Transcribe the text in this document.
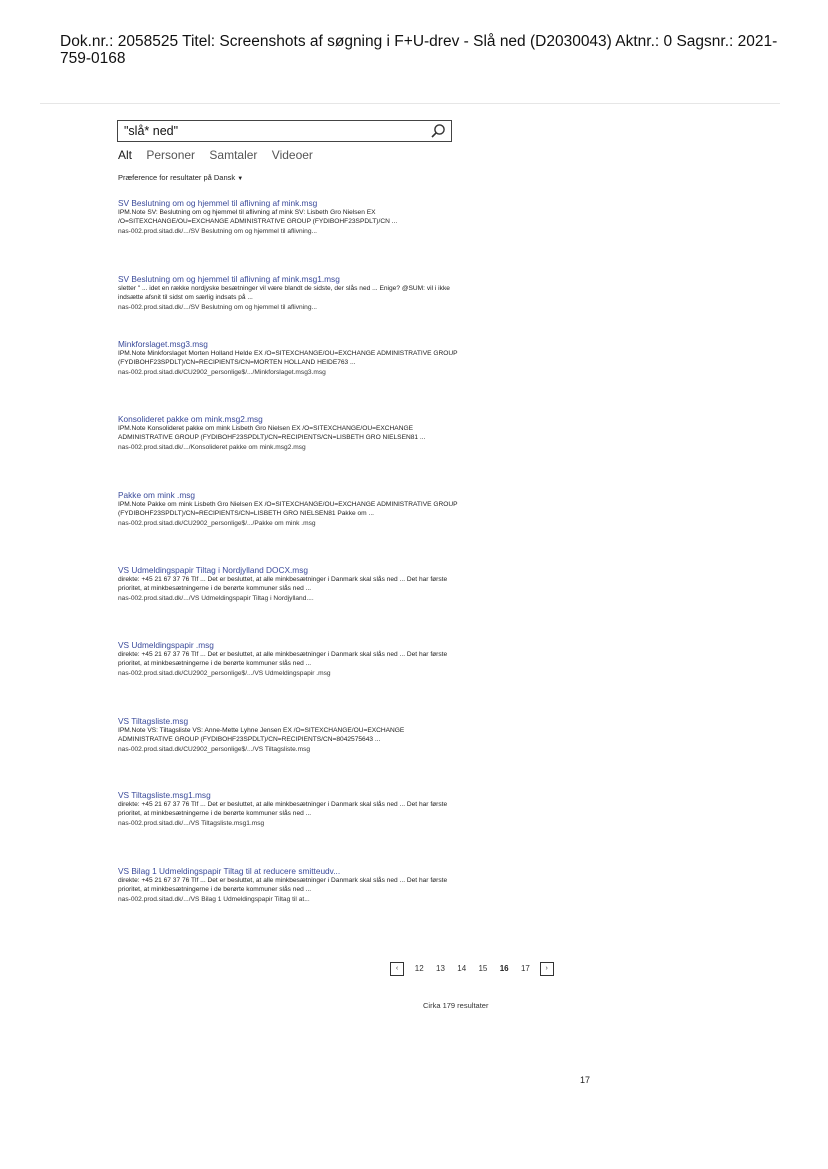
Dok.nr.: 2058525 Titel: Screenshots af søgning i F+U-drev - Slå ned (D2030043) Aktnr.: 0 Sagsnr.: 2021-759-0168
"slå* ned"
Alt Personer Samtaler Videoer
Præference for resultater på Dansk ▼
SV Beslutning om og hjemmel til aflivning af mink.msg
IPM.Note SV: Beslutning om og hjemmel til aflivning af mink SV: Lisbeth Gro Nielsen EX /O=SITEXCHANGE/OU=EXCHANGE ADMINISTRATIVE GROUP (FYDIBOHF23SPDLT)/CN ...
nas-002.prod.sitad.dk/.../SV Beslutning om og hjemmel til aflivning...
SV Beslutning om og hjemmel til aflivning af mink.msg1.msg
sletter " ... idet en række nordjyske besætninger vil være blandt de sidste, der slås ned ... Enige? @SUM: vil i ikke indsætte afsnit til sidst om særlig indsats på ...
nas-002.prod.sitad.dk/.../SV Beslutning om og hjemmel til aflivning...
Minkforslaget.msg3.msg
IPM.Note Minkforslaget Morten Holland Helde EX /O=SITEXCHANGE/OU=EXCHANGE ADMINISTRATIVE GROUP (FYDIBOHF23SPDLT)/CN=RECIPIENTS/CN=MORTEN HOLLAND HEIDE763 ...
nas-002.prod.sitad.dk/CU2902_personlige$/.../Minkforslaget.msg3.msg
Konsolideret pakke om mink.msg2.msg
IPM.Note Konsolideret pakke om mink Lisbeth Gro Nielsen EX /O=SITEXCHANGE/OU=EXCHANGE ADMINISTRATIVE GROUP (FYDIBOHF23SPDLT)/CN=RECIPIENTS/CN=LISBETH GRO NIELSEN81 ...
nas-002.prod.sitad.dk/.../Konsolideret pakke om mink.msg2.msg
Pakke om mink .msg
IPM.Note Pakke om mink Lisbeth Gro Nielsen EX /O=SITEXCHANGE/OU=EXCHANGE ADMINISTRATIVE GROUP (FYDIBOHF23SPDLT)/CN=RECIPIENTS/CN=LISBETH GRO NIELSEN81 Pakke om ...
nas-002.prod.sitad.dk/CU2902_personlige$/.../Pakke om mink .msg
VS Udmeldingspapir Tiltag i Nordjylland DOCX.msg
direkte: +45 21 67 37 76 Tlf ... Det er besluttet, at alle minkbesætninger i Danmark skal slås ned ... Det har første prioritet, at minkbesætningerne i de berørte kommuner slås ned ...
nas-002.prod.sitad.dk/.../VS Udmeldingspapir Tiltag i Nordjylland....
VS Udmeldingspapir .msg
direkte: +45 21 67 37 76 Tlf ... Det er besluttet, at alle minkbesætninger i Danmark skal slås ned ... Det har første prioritet, at minkbesætningerne i de berørte kommuner slås ned ...
nas-002.prod.sitad.dk/CU2902_personlige$/.../VS Udmeldingspapir .msg
VS Tiltagsliste.msg
IPM.Note VS: Tiltagsliste VS: Anne-Mette Lyhne Jensen EX /O=SITEXCHANGE/OU=EXCHANGE ADMINISTRATIVE GROUP (FYDIBOHF23SPDLT)/CN=RECIPIENTS/CN=8042575643 ...
nas-002.prod.sitad.dk/CU2902_personlige$/.../VS Tiltagsliste.msg
VS Tiltagsliste.msg1.msg
direkte: +45 21 67 37 76 Tlf ... Det er besluttet, at alle minkbesætninger i Danmark skal slås ned ... Det har første prioritet, at minkbesætningerne i de berørte kommuner slås ned ...
nas-002.prod.sitad.dk/.../VS Tiltagsliste.msg1.msg
VS Bilag 1 Udmeldingspapir Tiltag til at reducere smitteudv...
direkte: +45 21 67 37 76 Tlf ... Det er besluttet, at alle minkbesætninger i Danmark skal slås ned ... Det har første prioritet, at minkbesætningerne i de berørte kommuner slås ned ...
nas-002.prod.sitad.dk/.../VS Bilag 1 Udmeldingspapir Tiltag til at...
‹ 12 13 14 15 16 17 ›
Cirka 179 resultater
17
